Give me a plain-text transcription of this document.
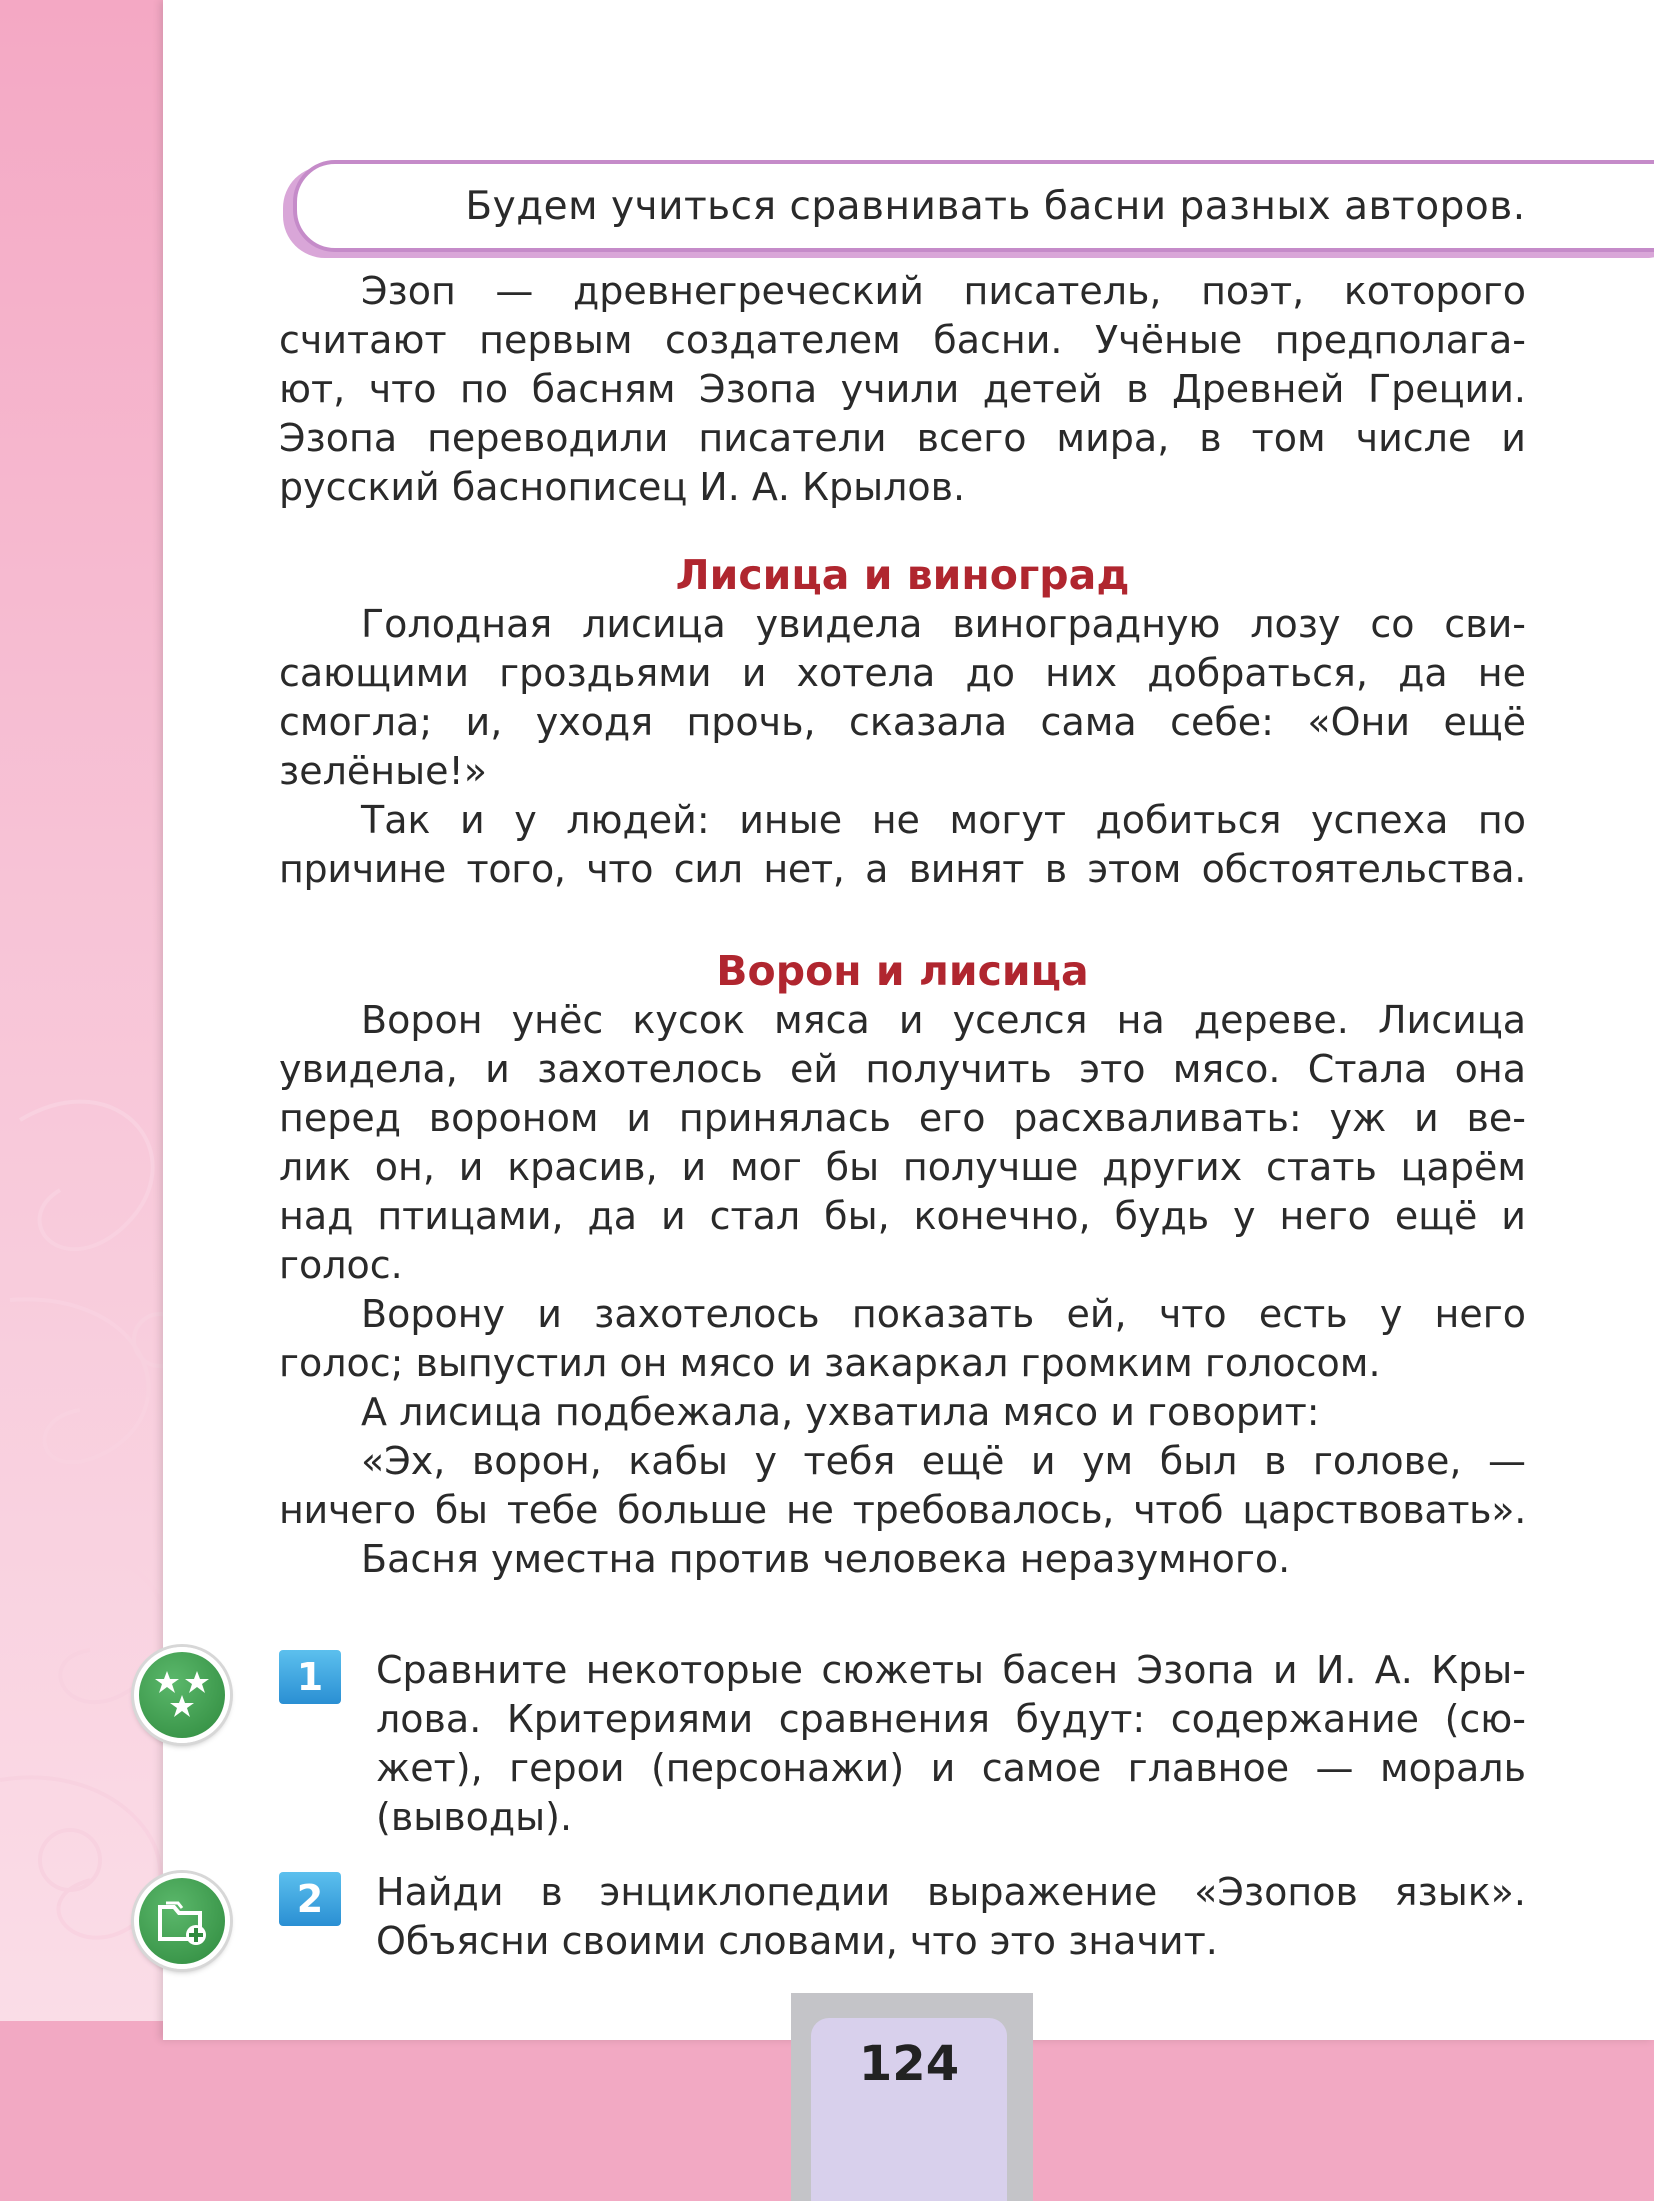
Будем учиться сравнивать басни разных авторов.

Эзоп — древнегреческий писатель, поэт, которого

считают первым создателем басни. Учёные предполага-

ют, что по басням Эзопа учили детей в Древней Греции.

Эзопа переводили писатели всего мира, в том числе и

русский баснописец И. А. Крылов.

Лисица и виноград

Голодная лисица увидела виноградную лозу со сви-

сающими гроздьями и хотела до них добраться, да не

смогла; и, уходя прочь, сказала сама себе: «Они ещё

зелёные!»

Так и у людей: иные не могут добиться успеха по

причине того, что сил нет, а винят в этом обстоятельства.

Ворон и лисица

Ворон унёс кусок мяса и уселся на дереве. Лисица

увидела, и захотелось ей получить это мясо. Стала она

перед вороном и принялась его расхваливать: уж и ве-

лик он, и красив, и мог бы получше других стать царём

над птицами, да и стал бы, конечно, будь у него ещё и

голос.

Ворону и захотелось показать ей, что есть у него

голос; выпустил он мясо и закаркал громким голосом.

А лисица подбежала, ухватила мясо и говорит:

«Эх, ворон, кабы у тебя ещё и ум был в голове, —

ничего бы тебе больше не требовалось, чтоб царствовать».

Басня уместна против человека неразумного.

1	Сравните некоторые сюжеты басен Эзопа и И. А. Кры-

лова. Критериями сравнения будут: содержание (сю-

жет), герои (персонажи) и самое главное — мораль

(выводы).

2	Найди в энциклопедии выражение «Эзопов язык».

Объясни своими словами, что это значит.

124
